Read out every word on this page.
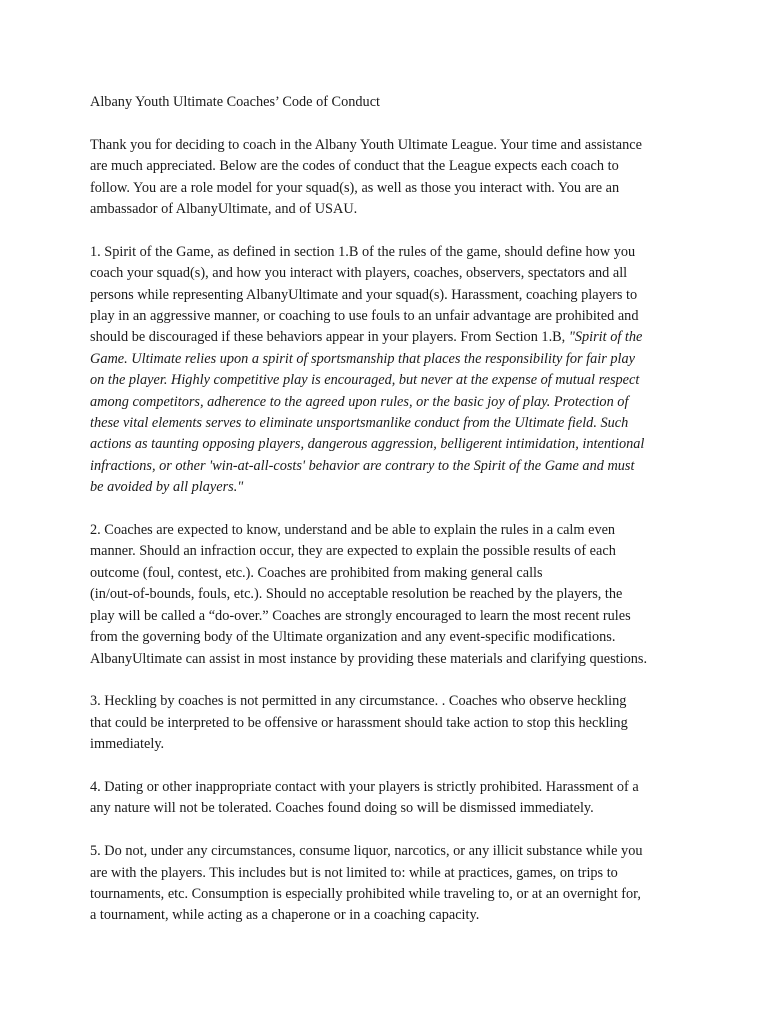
Albany Youth Ultimate Coaches’ Code of Conduct

Thank you for deciding to coach in the Albany Youth Ultimate League. Your time and assistance
are much appreciated. Below are the codes of conduct that the League expects each coach to
follow. You are a role model for your squad(s), as well as those you interact with. You are an
ambassador of AlbanyUltimate, and of USAU.

1. Spirit of the Game, as defined in section 1.B of the rules of the game, should define how you
coach your squad(s), and how you interact with players, coaches, observers, spectators and all
persons while representing AlbanyUltimate and your squad(s). Harassment, coaching players to
play in an aggressive manner, or coaching to use fouls to an unfair advantage are prohibited and
should be discouraged if these behaviors appear in your players. From Section 1.B, "Spirit of the
Game. Ultimate relies upon a spirit of sportsmanship that places the responsibility for fair play
on the player. Highly competitive play is encouraged, but never at the expense of mutual respect
among competitors, adherence to the agreed upon rules, or the basic joy of play. Protection of
these vital elements serves to eliminate unsportsmanlike conduct from the Ultimate field. Such
actions as taunting opposing players, dangerous aggression, belligerent intimidation, intentional
infractions, or other 'win-at-all-costs' behavior are contrary to the Spirit of the Game and must
be avoided by all players."

2. Coaches are expected to know, understand and be able to explain the rules in a calm even
manner. Should an infraction occur, they are expected to explain the possible results of each
outcome (foul, contest, etc.). Coaches are prohibited from making general calls
(in/out-of-bounds, fouls, etc.). Should no acceptable resolution be reached by the players, the
play will be called a “do-over.” Coaches are strongly encouraged to learn the most recent rules
from the governing body of the Ultimate organization and any event-specific modifications.
AlbanyUltimate can assist in most instance by providing these materials and clarifying questions.

3. Heckling by coaches is not permitted in any circumstance. . Coaches who observe heckling
that could be interpreted to be offensive or harassment should take action to stop this heckling
immediately.

4. Dating or other inappropriate contact with your players is strictly prohibited. Harassment of a
any nature will not be tolerated. Coaches found doing so will be dismissed immediately.

5. Do not, under any circumstances, consume liquor, narcotics, or any illicit substance while you
are with the players. This includes but is not limited to: while at practices, games, on trips to
tournaments, etc. Consumption is especially prohibited while traveling to, or at an overnight for,
a tournament, while acting as a chaperone or in a coaching capacity.
